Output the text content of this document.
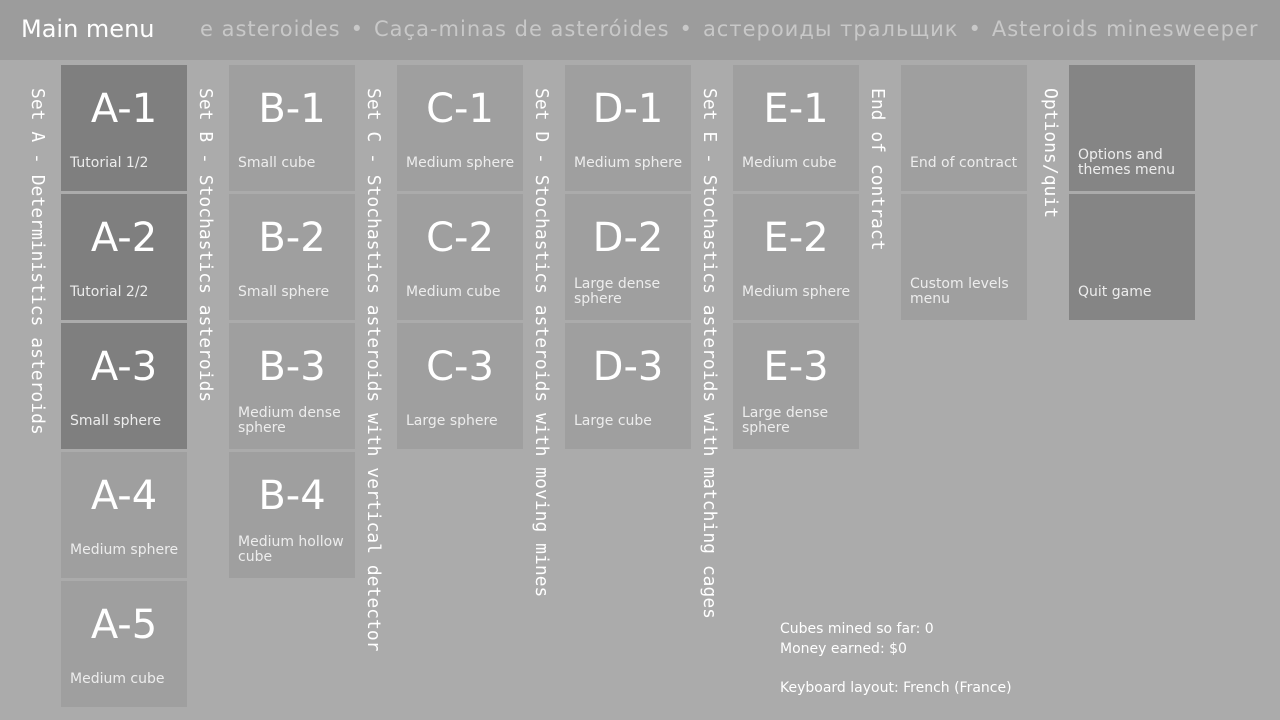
Main menu e asteroides • Caça-minas de asteróides • астероиды тральщик • Asteroids minesweeper
Set A - Deterministics asteroids	A-1
Tutorial 1/2
A-2
Tutorial 2/2
A-3
Small sphere
A-4
Medium sphere
A-5
Medium cube
Set B - Stochastics asteroids	B-1
Small cube
B-2
Small sphere
B-3
Medium dense sphere
B-4
Medium hollow cube	Set C - Stochastics asteroids with vertical detector	C-1
Medium sphere
C-2
Medium cube
C-3
Large sphere	Set D - Stochastics asteroids with moving mines	D-1
Medium sphere
D-2
Large dense sphere
D-3
Large cube	Set E - Stochastics asteroids with matching cages	E-1
Medium cube
E-2
Medium sphere
E-3
Large dense sphere
End of contract End of contract
Custom levels menu
Options/quit Options and themes menu
Quit game
Cubes mined so far: 0
Money earned: $0
Keyboard layout: French (France)
